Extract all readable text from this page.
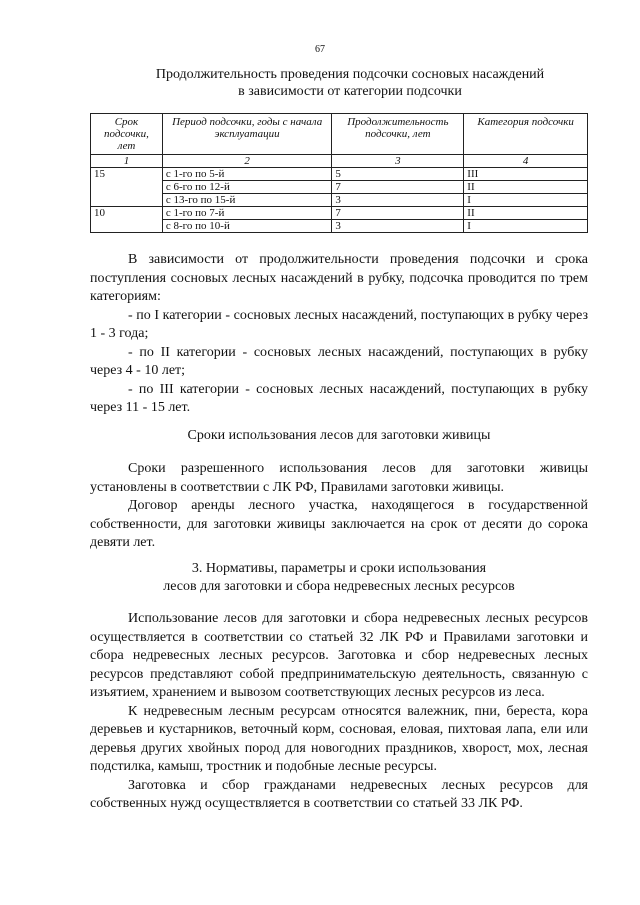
67
Продолжительность проведения подсочки сосновых насаждений
в зависимости от категории подсочки
Срок подсочки, лет	Период подсочки, годы с начала эксплуатации	Продолжительность подсочки, лет	Категория подсочки
1	2	3	4
15	с 1-го по 5-й	5	III
	с 6-го по 12-й	7	II
	с 13-го по 15-й	3	I
10	с 1-го по 7-й	7	II
	с 8-го по 10-й	3	I

В зависимости от продолжительности проведения подсочки и срока поступления сосновых лесных насаждений в рубку, подсочка проводится по трем категориям:

- по I категории - сосновых лесных насаждений, поступающих в рубку через 1 - 3 года;

- по II категории - сосновых лесных насаждений, поступающих в рубку через 4 - 10 лет;

- по III категории - сосновых лесных насаждений, поступающих в рубку через 11 - 15 лет.

Сроки использования лесов для заготовки живицы

Сроки разрешенного использования лесов для заготовки живицы установлены в соответствии с ЛК РФ, Правилами заготовки живицы.

Договор аренды лесного участка, находящегося в государственной собственности, для заготовки живицы заключается на срок от десяти до сорока девяти лет.

3. Нормативы, параметры и сроки использования
лесов для заготовки и сбора недревесных лесных ресурсов

Использование лесов для заготовки и сбора недревесных лесных ресурсов осуществляется в соответствии со статьей 32 ЛК РФ и Правилами заготовки и сбора недревесных лесных ресурсов. Заготовка и сбор недревесных лесных ресурсов представляют собой предпринимательскую деятельность, связанную с изъятием, хранением и вывозом соответствующих лесных ресурсов из леса.

К недревесным лесным ресурсам относятся валежник, пни, береста, кора деревьев и кустарников, веточный корм, сосновая, еловая, пихтовая лапа, ели или деревья других хвойных пород для новогодних праздников, хворост, мох, лесная подстилка, камыш, тростник и подобные лесные ресурсы.

Заготовка и сбор гражданами недревесных лесных ресурсов для собственных нужд осуществляется в соответствии со статьей 33 ЛК РФ.
